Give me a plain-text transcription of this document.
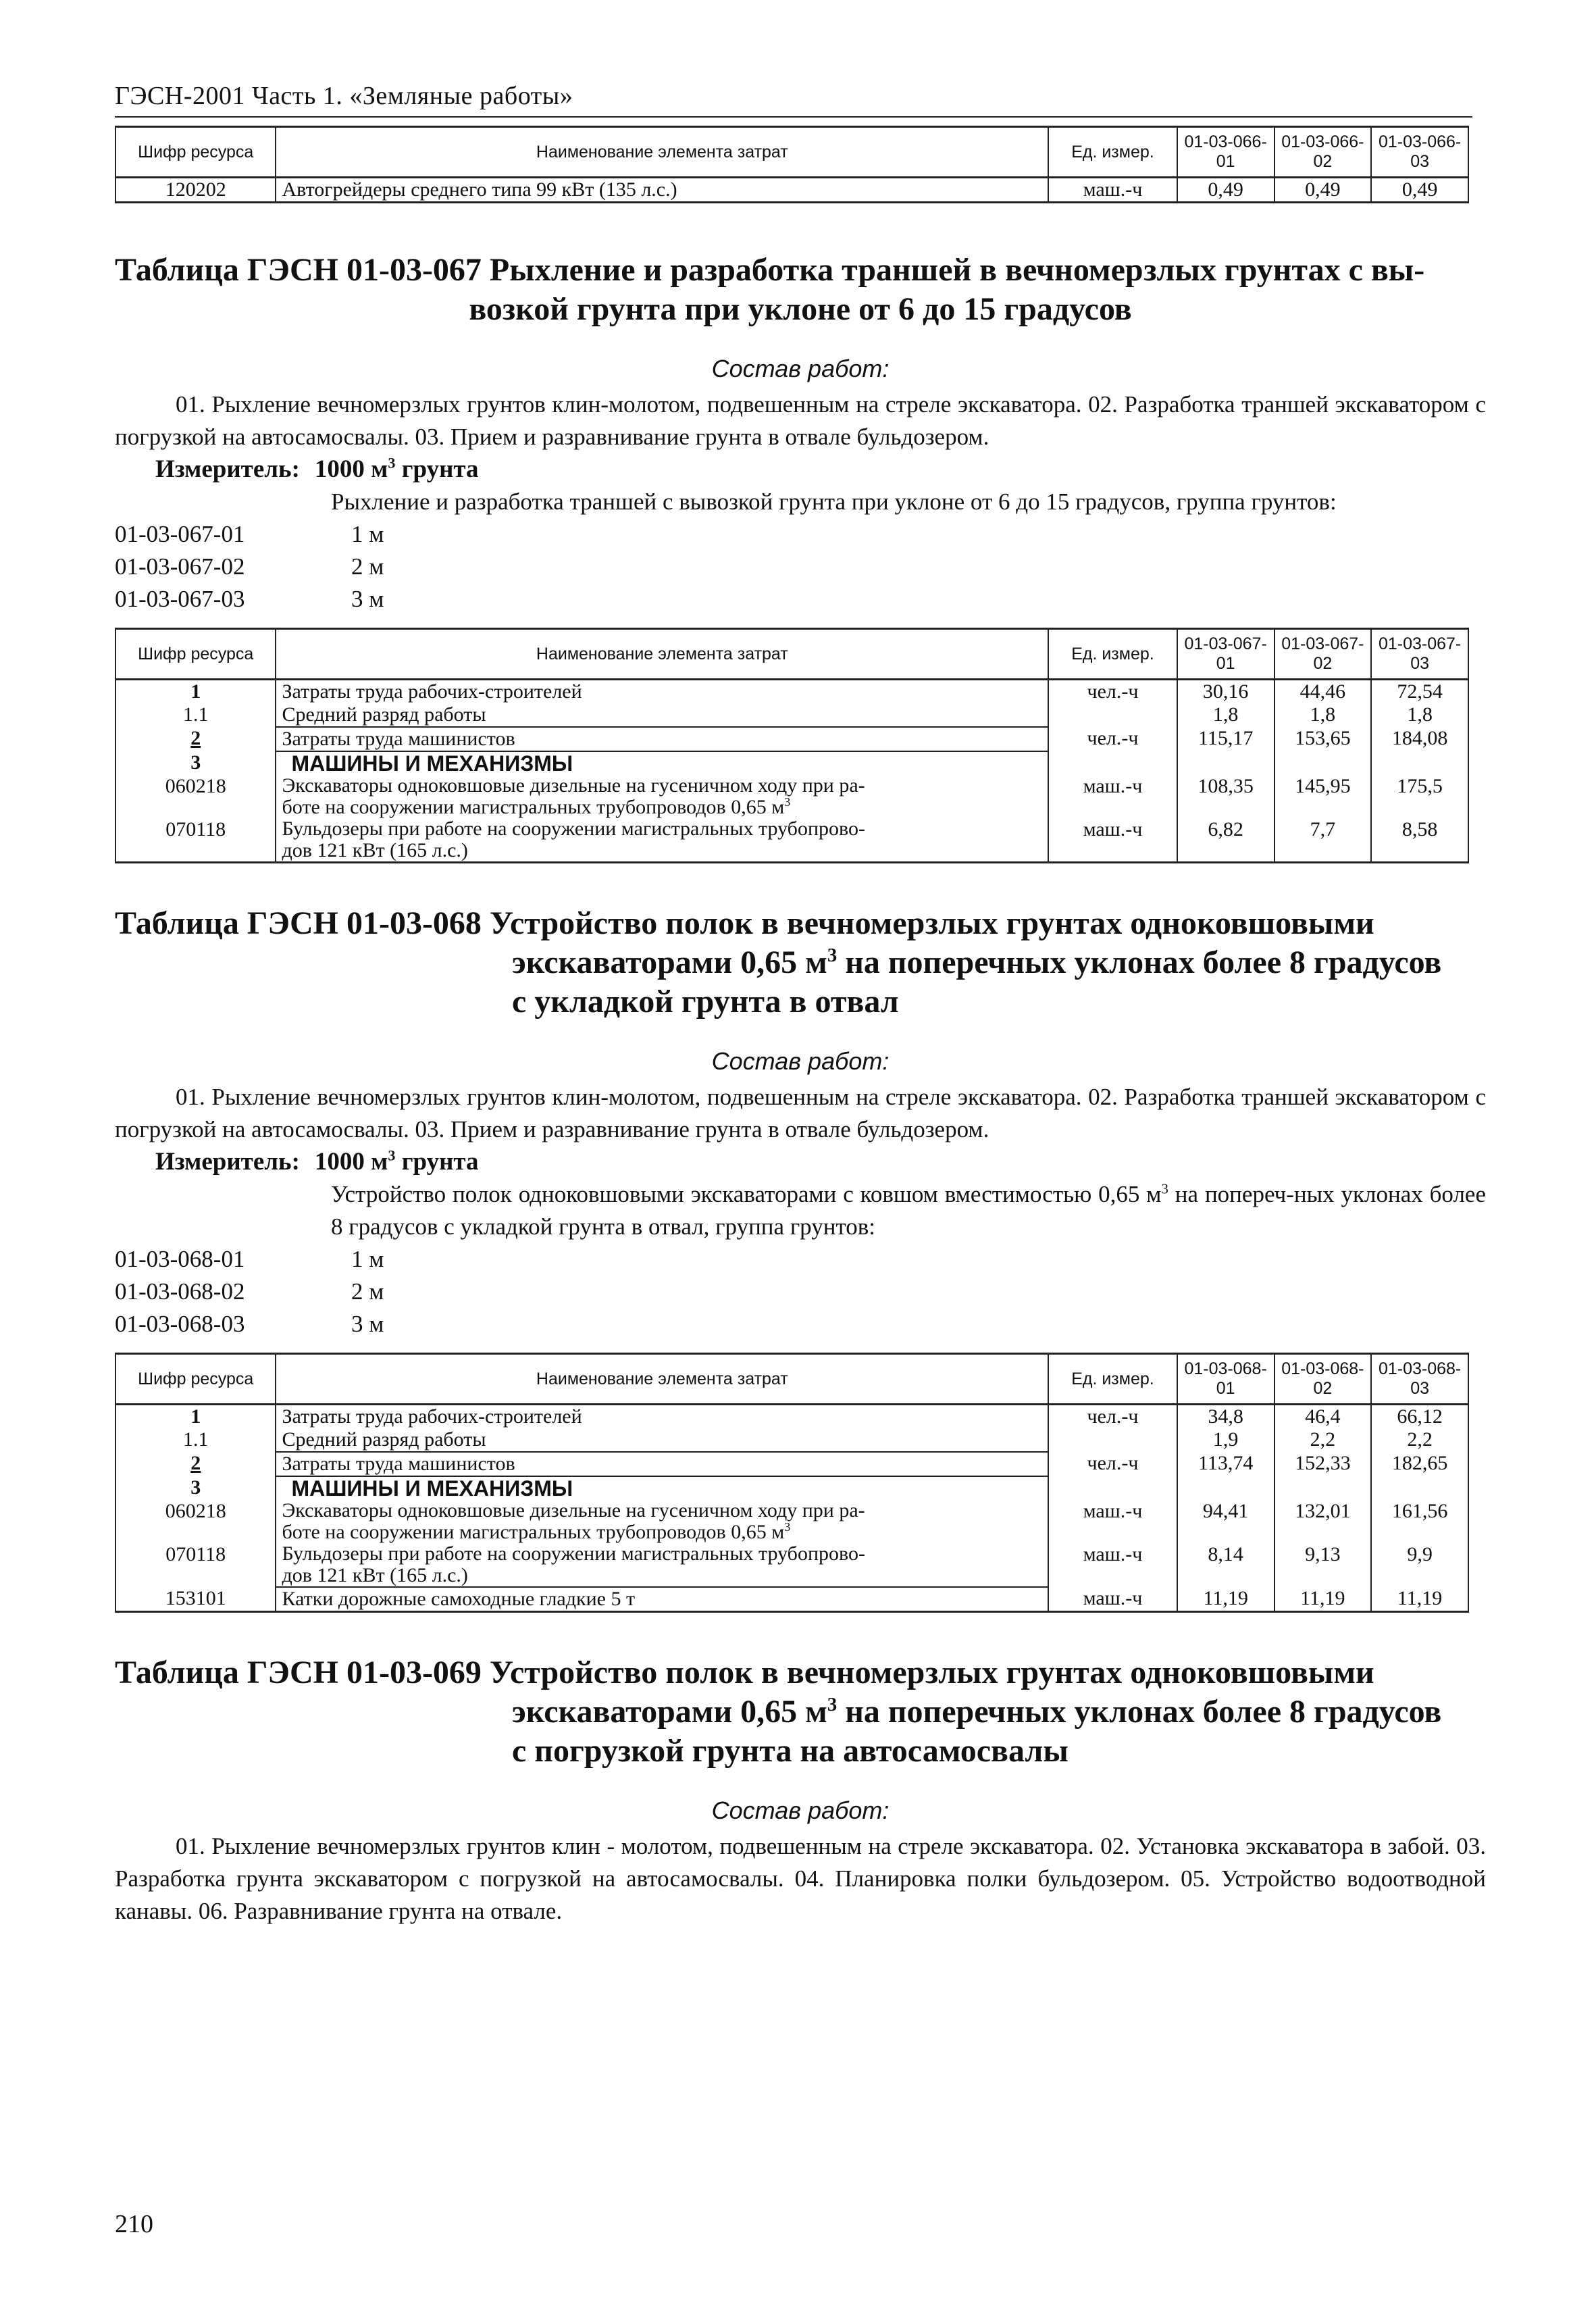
ГЭСН-2001 Часть 1. «Земляные работы»
Шифр ресурса	Наименование элемента затрат	Ед. измер.	01-03-066-01	01-03-066-02	01-03-066-03
120202	Автогрейдеры среднего типа 99 кВт (135 л.с.)	маш.-ч	0,49	0,49	0,49
Таблица ГЭСН 01-03-067 Рыхление и разработка траншей в вечномерзлых грунтах с вы-
возкой грунта при уклоне от 6 до 15 градусов
Состав работ:
01. Рыхление вечномерзлых грунтов клин-молотом, подвешенным на стреле экскаватора. 02. Разработка траншей экскаватором с погрузкой на автосамосвалы. 03. Прием и разравнивание грунта в отвале бульдозером.
Измеритель: 1000 $м^3$ грунта
Рыхление и разработка траншей с вывозкой грунта при уклоне от 6 до 15 градусов, группа грунтов:
01-03-067-01	1 м
01-03-067-02	2 м
01-03-067-03	3 м
Шифр ресурса	Наименование элемента затрат	Ед. измер.	01-03-067-01	01-03-067-02	01-03-067-03
1	Затраты труда рабочих-строителей	чел.-ч	30,16	44,46	72,54
1.1	Средний разряд работы		1,8	1,8	1,8
2	Затраты труда машинистов	чел.-ч	115,17	153,65	184,08
3	МАШИНЫ И МЕХАНИЗМЫ				
060218	Экскаваторы одноковшовые дизельные на гусеничном ходу при ра-
боте на сооружении магистральных трубопроводов 0,65 $м^3$	маш.-ч	108,35	145,95	175,5
070118	Бульдозеры при работе на сооружении магистральных трубопрово-
дов 121 кВт (165 л.с.)	маш.-ч	6,82	7,7	8,58
Таблица ГЭСН 01-03-068 Устройство полок в вечномерзлых грунтах одноковшовыми
экскаваторами 0,65 $м^3$ на поперечных уклонах более 8 градусов
с укладкой грунта в отвал
Состав работ:
01. Рыхление вечномерзлых грунтов клин-молотом, подвешенным на стреле экскаватора. 02. Разработка траншей экскаватором с погрузкой на автосамосвалы. 03. Прием и разравнивание грунта в отвале бульдозером.
Измеритель: 1000 $м^3$ грунта
Устройство полок одноковшовыми экскаваторами с ковшом вместимостью 0,65 $м^3$ на попереч-ных уклонах более 8 градусов с укладкой грунта в отвал, группа грунтов:
01-03-068-01	1 м
01-03-068-02	2 м
01-03-068-03	3 м
Шифр ресурса	Наименование элемента затрат	Ед. измер.	01-03-068-01	01-03-068-02	01-03-068-03
1	Затраты труда рабочих-строителей	чел.-ч	34,8	46,4	66,12
1.1	Средний разряд работы		1,9	2,2	2,2
2	Затраты труда машинистов	чел.-ч	113,74	152,33	182,65
3	МАШИНЫ И МЕХАНИЗМЫ				
060218	Экскаваторы одноковшовые дизельные на гусеничном ходу при ра-
боте на сооружении магистральных трубопроводов 0,65 $м^3$	маш.-ч	94,41	132,01	161,56
070118	Бульдозеры при работе на сооружении магистральных трубопрово-
дов 121 кВт (165 л.с.)	маш.-ч	8,14	9,13	9,9
153101	Катки дорожные самоходные гладкие 5 т	маш.-ч	11,19	11,19	11,19
Таблица ГЭСН 01-03-069 Устройство полок в вечномерзлых грунтах одноковшовыми
экскаваторами 0,65 $м^3$ на поперечных уклонах более 8 градусов
с погрузкой грунта на автосамосвалы
Состав работ:
01. Рыхление вечномерзлых грунтов клин - молотом, подвешенным на стреле экскаватора. 02. Установка экскаватора в забой. 03. Разработка грунта экскаватором с погрузкой на автосамосвалы. 04. Планировка полки бульдозером. 05. Устройство водоотводной канавы. 06. Разравнивание грунта на отвале.
210
